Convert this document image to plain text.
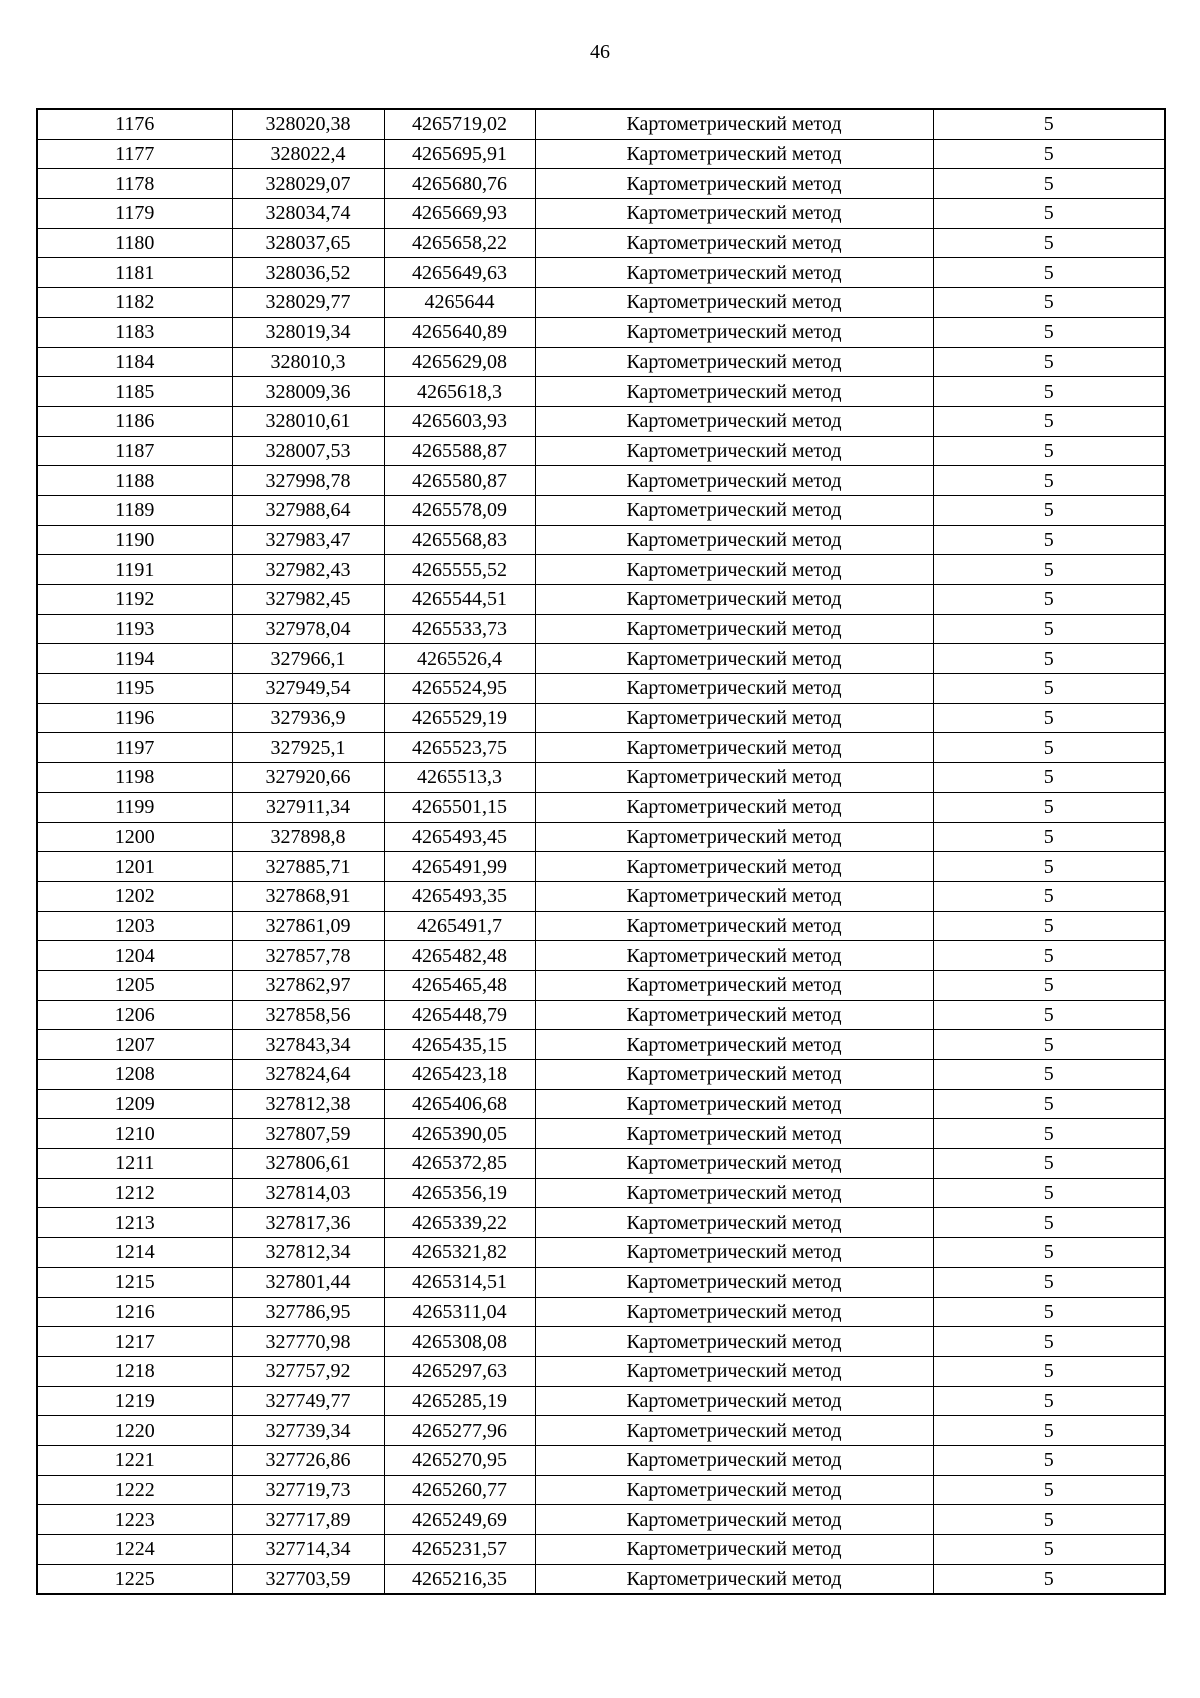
46
1176	328020,38	4265719,02	Картометрический метод	5
1177	328022,4	4265695,91	Картометрический метод	5
1178	328029,07	4265680,76	Картометрический метод	5
1179	328034,74	4265669,93	Картометрический метод	5
1180	328037,65	4265658,22	Картометрический метод	5
1181	328036,52	4265649,63	Картометрический метод	5
1182	328029,77	4265644	Картометрический метод	5
1183	328019,34	4265640,89	Картометрический метод	5
1184	328010,3	4265629,08	Картометрический метод	5
1185	328009,36	4265618,3	Картометрический метод	5
1186	328010,61	4265603,93	Картометрический метод	5
1187	328007,53	4265588,87	Картометрический метод	5
1188	327998,78	4265580,87	Картометрический метод	5
1189	327988,64	4265578,09	Картометрический метод	5
1190	327983,47	4265568,83	Картометрический метод	5
1191	327982,43	4265555,52	Картометрический метод	5
1192	327982,45	4265544,51	Картометрический метод	5
1193	327978,04	4265533,73	Картометрический метод	5
1194	327966,1	4265526,4	Картометрический метод	5
1195	327949,54	4265524,95	Картометрический метод	5
1196	327936,9	4265529,19	Картометрический метод	5
1197	327925,1	4265523,75	Картометрический метод	5
1198	327920,66	4265513,3	Картометрический метод	5
1199	327911,34	4265501,15	Картометрический метод	5
1200	327898,8	4265493,45	Картометрический метод	5
1201	327885,71	4265491,99	Картометрический метод	5
1202	327868,91	4265493,35	Картометрический метод	5
1203	327861,09	4265491,7	Картометрический метод	5
1204	327857,78	4265482,48	Картометрический метод	5
1205	327862,97	4265465,48	Картометрический метод	5
1206	327858,56	4265448,79	Картометрический метод	5
1207	327843,34	4265435,15	Картометрический метод	5
1208	327824,64	4265423,18	Картометрический метод	5
1209	327812,38	4265406,68	Картометрический метод	5
1210	327807,59	4265390,05	Картометрический метод	5
1211	327806,61	4265372,85	Картометрический метод	5
1212	327814,03	4265356,19	Картометрический метод	5
1213	327817,36	4265339,22	Картометрический метод	5
1214	327812,34	4265321,82	Картометрический метод	5
1215	327801,44	4265314,51	Картометрический метод	5
1216	327786,95	4265311,04	Картометрический метод	5
1217	327770,98	4265308,08	Картометрический метод	5
1218	327757,92	4265297,63	Картометрический метод	5
1219	327749,77	4265285,19	Картометрический метод	5
1220	327739,34	4265277,96	Картометрический метод	5
1221	327726,86	4265270,95	Картометрический метод	5
1222	327719,73	4265260,77	Картометрический метод	5
1223	327717,89	4265249,69	Картометрический метод	5
1224	327714,34	4265231,57	Картометрический метод	5
1225	327703,59	4265216,35	Картометрический метод	5
